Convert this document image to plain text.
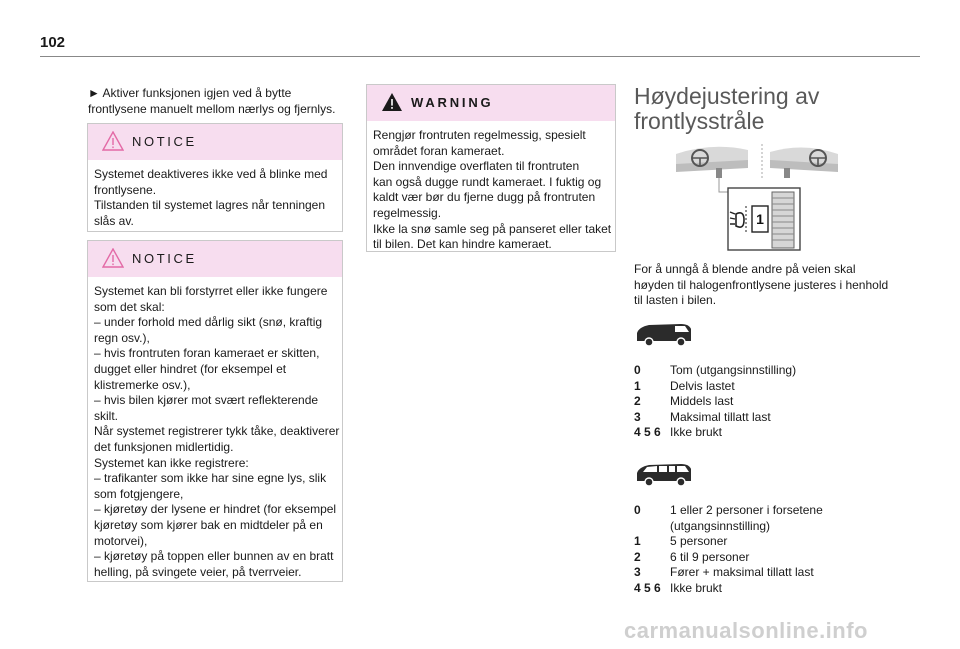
102
► Aktiver funksjonen igjen ved å bytte
frontlysene manuelt mellom nærlys og fjernlys.
NOTICE
Systemet deaktiveres ikke ved å blinke med
frontlysene.
Tilstanden til systemet lagres når tenningen
slås av.
NOTICE
Systemet kan bli forstyrret eller ikke fungere
som det skal:
– under forhold med dårlig sikt (snø, kraftig
regn osv.),
– hvis frontruten foran kameraet er skitten,
dugget eller hindret (for eksempel et
klistremerke osv.),
– hvis bilen kjører mot svært reflekterende
skilt.
Når systemet registrerer tykk tåke, deaktiverer
det funksjonen midlertidig.
Systemet kan ikke registrere:
– trafikanter som ikke har sine egne lys, slik
som fotgjengere,
– kjøretøy der lysene er hindret (for eksempel
kjøretøy som kjører bak en midtdeler på en
motorvei),
– kjøretøy på toppen eller bunnen av en bratt
helling, på svingete veier, på tverrveier.
WARNING
Rengjør frontruten regelmessig, spesielt
området foran kameraet.
Den innvendige overflaten til frontruten
kan også dugge rundt kameraet. I fuktig og
kaldt vær bør du fjerne dugg på frontruten
regelmessig.
Ikke la snø samle seg på panseret eller taket
til bilen. Det kan hindre kameraet.
Høydejustering av
frontlysstråle
1
For å unngå å blende andre på veien skal
høyden til halogenfrontlysene justeres i henhold
til lasten i bilen.
0	Tom (utgangsinnstilling)
1	Delvis lastet
2	Middels last
3	Maksimal tillatt last
4 5 6 Ikke brukt
0	1 eller 2 personer i forsetene
(utgangsinnstilling)
1	5 personer
2	6 til 9 personer
3	Fører + maksimal tillatt last
4 5 6 Ikke brukt
carmanualsonline.info
